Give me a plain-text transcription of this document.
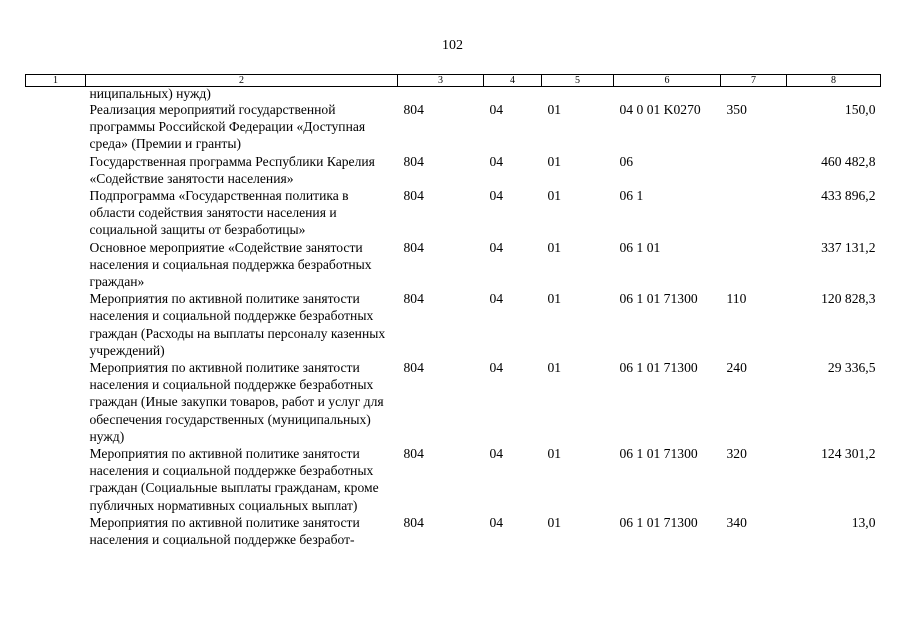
102
1	2	3	4	5	6	7	8
	ниципальных) нужд)						
	Реализация мероприятий государственной программы Российской Федерации «Доступная среда» (Премии и гранты)	804	04	01	04 0 01 K0270	350	150,0
	Государственная программа Республики Карелия «Содействие занятости населения»	804	04	01	06		460 482,8
	Подпрограмма «Государственная политика в области содействия занятости населения и социальной защиты от безработицы»	804	04	01	06 1		433 896,2
	Основное мероприятие «Содействие занятости населения и социальная поддержка безработных граждан»	804	04	01	06 1 01		337 131,2
	Мероприятия по активной политике занятости населения и социальной поддержке безработных граждан (Расходы на выплаты персоналу казенных учреждений)	804	04	01	06 1 01 71300	110	120 828,3
	Мероприятия по активной политике занятости населения и социальной поддержке безработных граждан (Иные закупки товаров, работ и услуг для обеспечения государственных (муниципальных) нужд)	804	04	01	06 1 01 71300	240	29 336,5
	Мероприятия по активной политике занятости населения и социальной поддержке безработных граждан (Социальные выплаты гражданам, кроме публичных нормативных социальных выплат)	804	04	01	06 1 01 71300	320	124 301,2
	Мероприятия по активной политике занятости населения и социальной поддержке безработ-	804	04	01	06 1 01 71300	340	13,0
